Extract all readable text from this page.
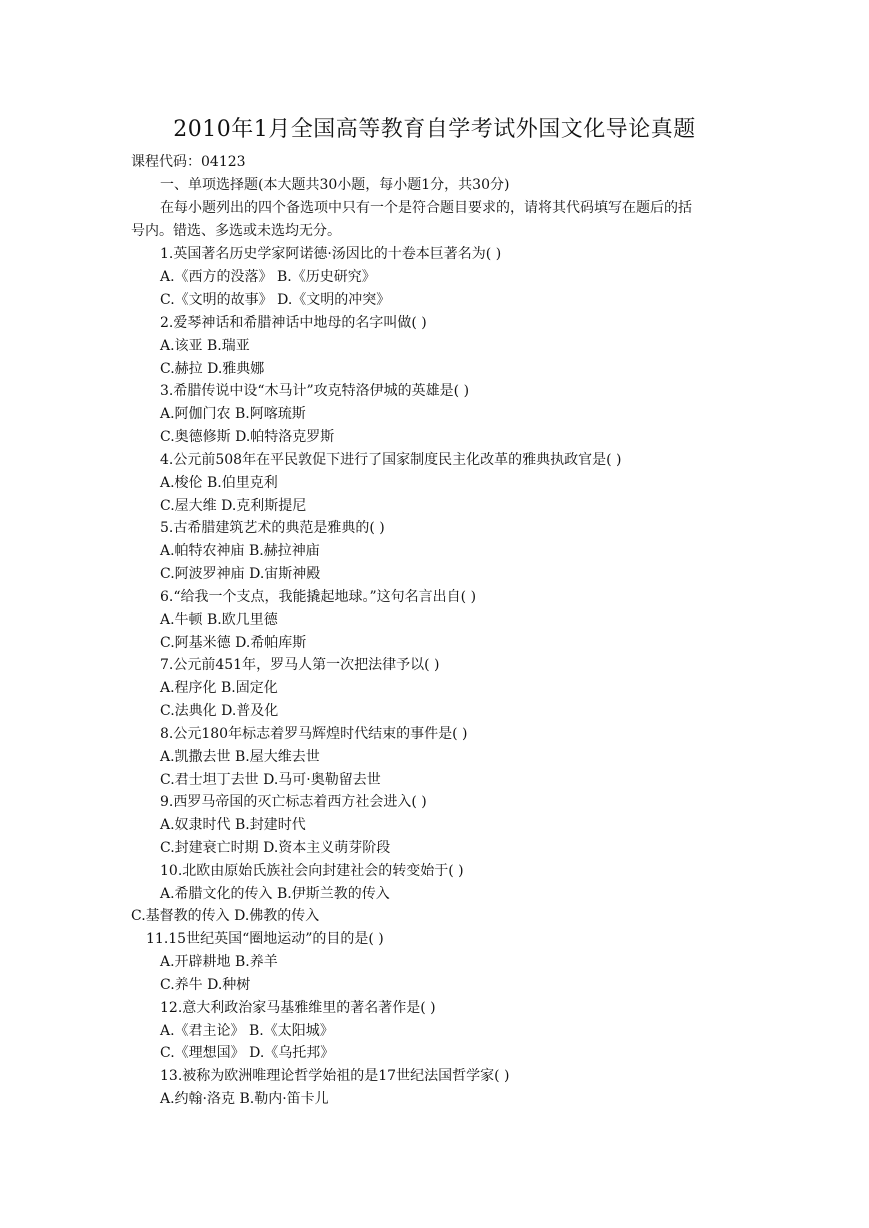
2010年1月全国高等教育自学考试外国文化导论真题
课程代码：04123
一、单项选择题(本大题共30小题，每小题1分，共30分)
在每小题列出的四个备选项中只有一个是符合题目要求的，请将其代码填写在题后的括
号内。错选、多选或未选均无分。
1.英国著名历史学家阿诺德·汤因比的十卷本巨著名为( )
A.《西方的没落》 B.《历史研究》
C.《文明的故事》 D.《文明的冲突》
2.爱琴神话和希腊神话中地母的名字叫做( )
A.该亚 B.瑞亚
C.赫拉 D.雅典娜
3.希腊传说中设“木马计”攻克特洛伊城的英雄是( )
A.阿伽门农 B.阿喀琉斯
C.奥德修斯 D.帕特洛克罗斯
4.公元前508年在平民敦促下进行了国家制度民主化改革的雅典执政官是( )
A.梭伦 B.伯里克利
C.屋大维 D.克利斯提尼
5.古希腊建筑艺术的典范是雅典的( )
A.帕特农神庙 B.赫拉神庙
C.阿波罗神庙 D.宙斯神殿
6.“给我一个支点，我能撬起地球。”这句名言出自( )
A.牛顿 B.欧几里德
C.阿基米德 D.希帕库斯
7.公元前451年，罗马人第一次把法律予以( )
A.程序化 B.固定化
C.法典化 D.普及化
8.公元180年标志着罗马辉煌时代结束的事件是( )
A.凯撒去世 B.屋大维去世
C.君士坦丁去世 D.马可·奥勒留去世
9.西罗马帝国的灭亡标志着西方社会进入( )
A.奴隶时代 B.封建时代
C.封建衰亡时期 D.资本主义萌芽阶段
10.北欧由原始氏族社会向封建社会的转变始于( )
A.希腊文化的传入 B.伊斯兰教的传入
C.基督教的传入 D.佛教的传入
11.15世纪英国“圈地运动”的目的是( )
A.开辟耕地 B.养羊
C.养牛 D.种树
12.意大利政治家马基雅维里的著名著作是( )
A.《君主论》 B.《太阳城》
C.《理想国》 D.《乌托邦》
13.被称为欧洲唯理论哲学始祖的是17世纪法国哲学家( )
A.约翰·洛克 B.勒内·笛卡儿
